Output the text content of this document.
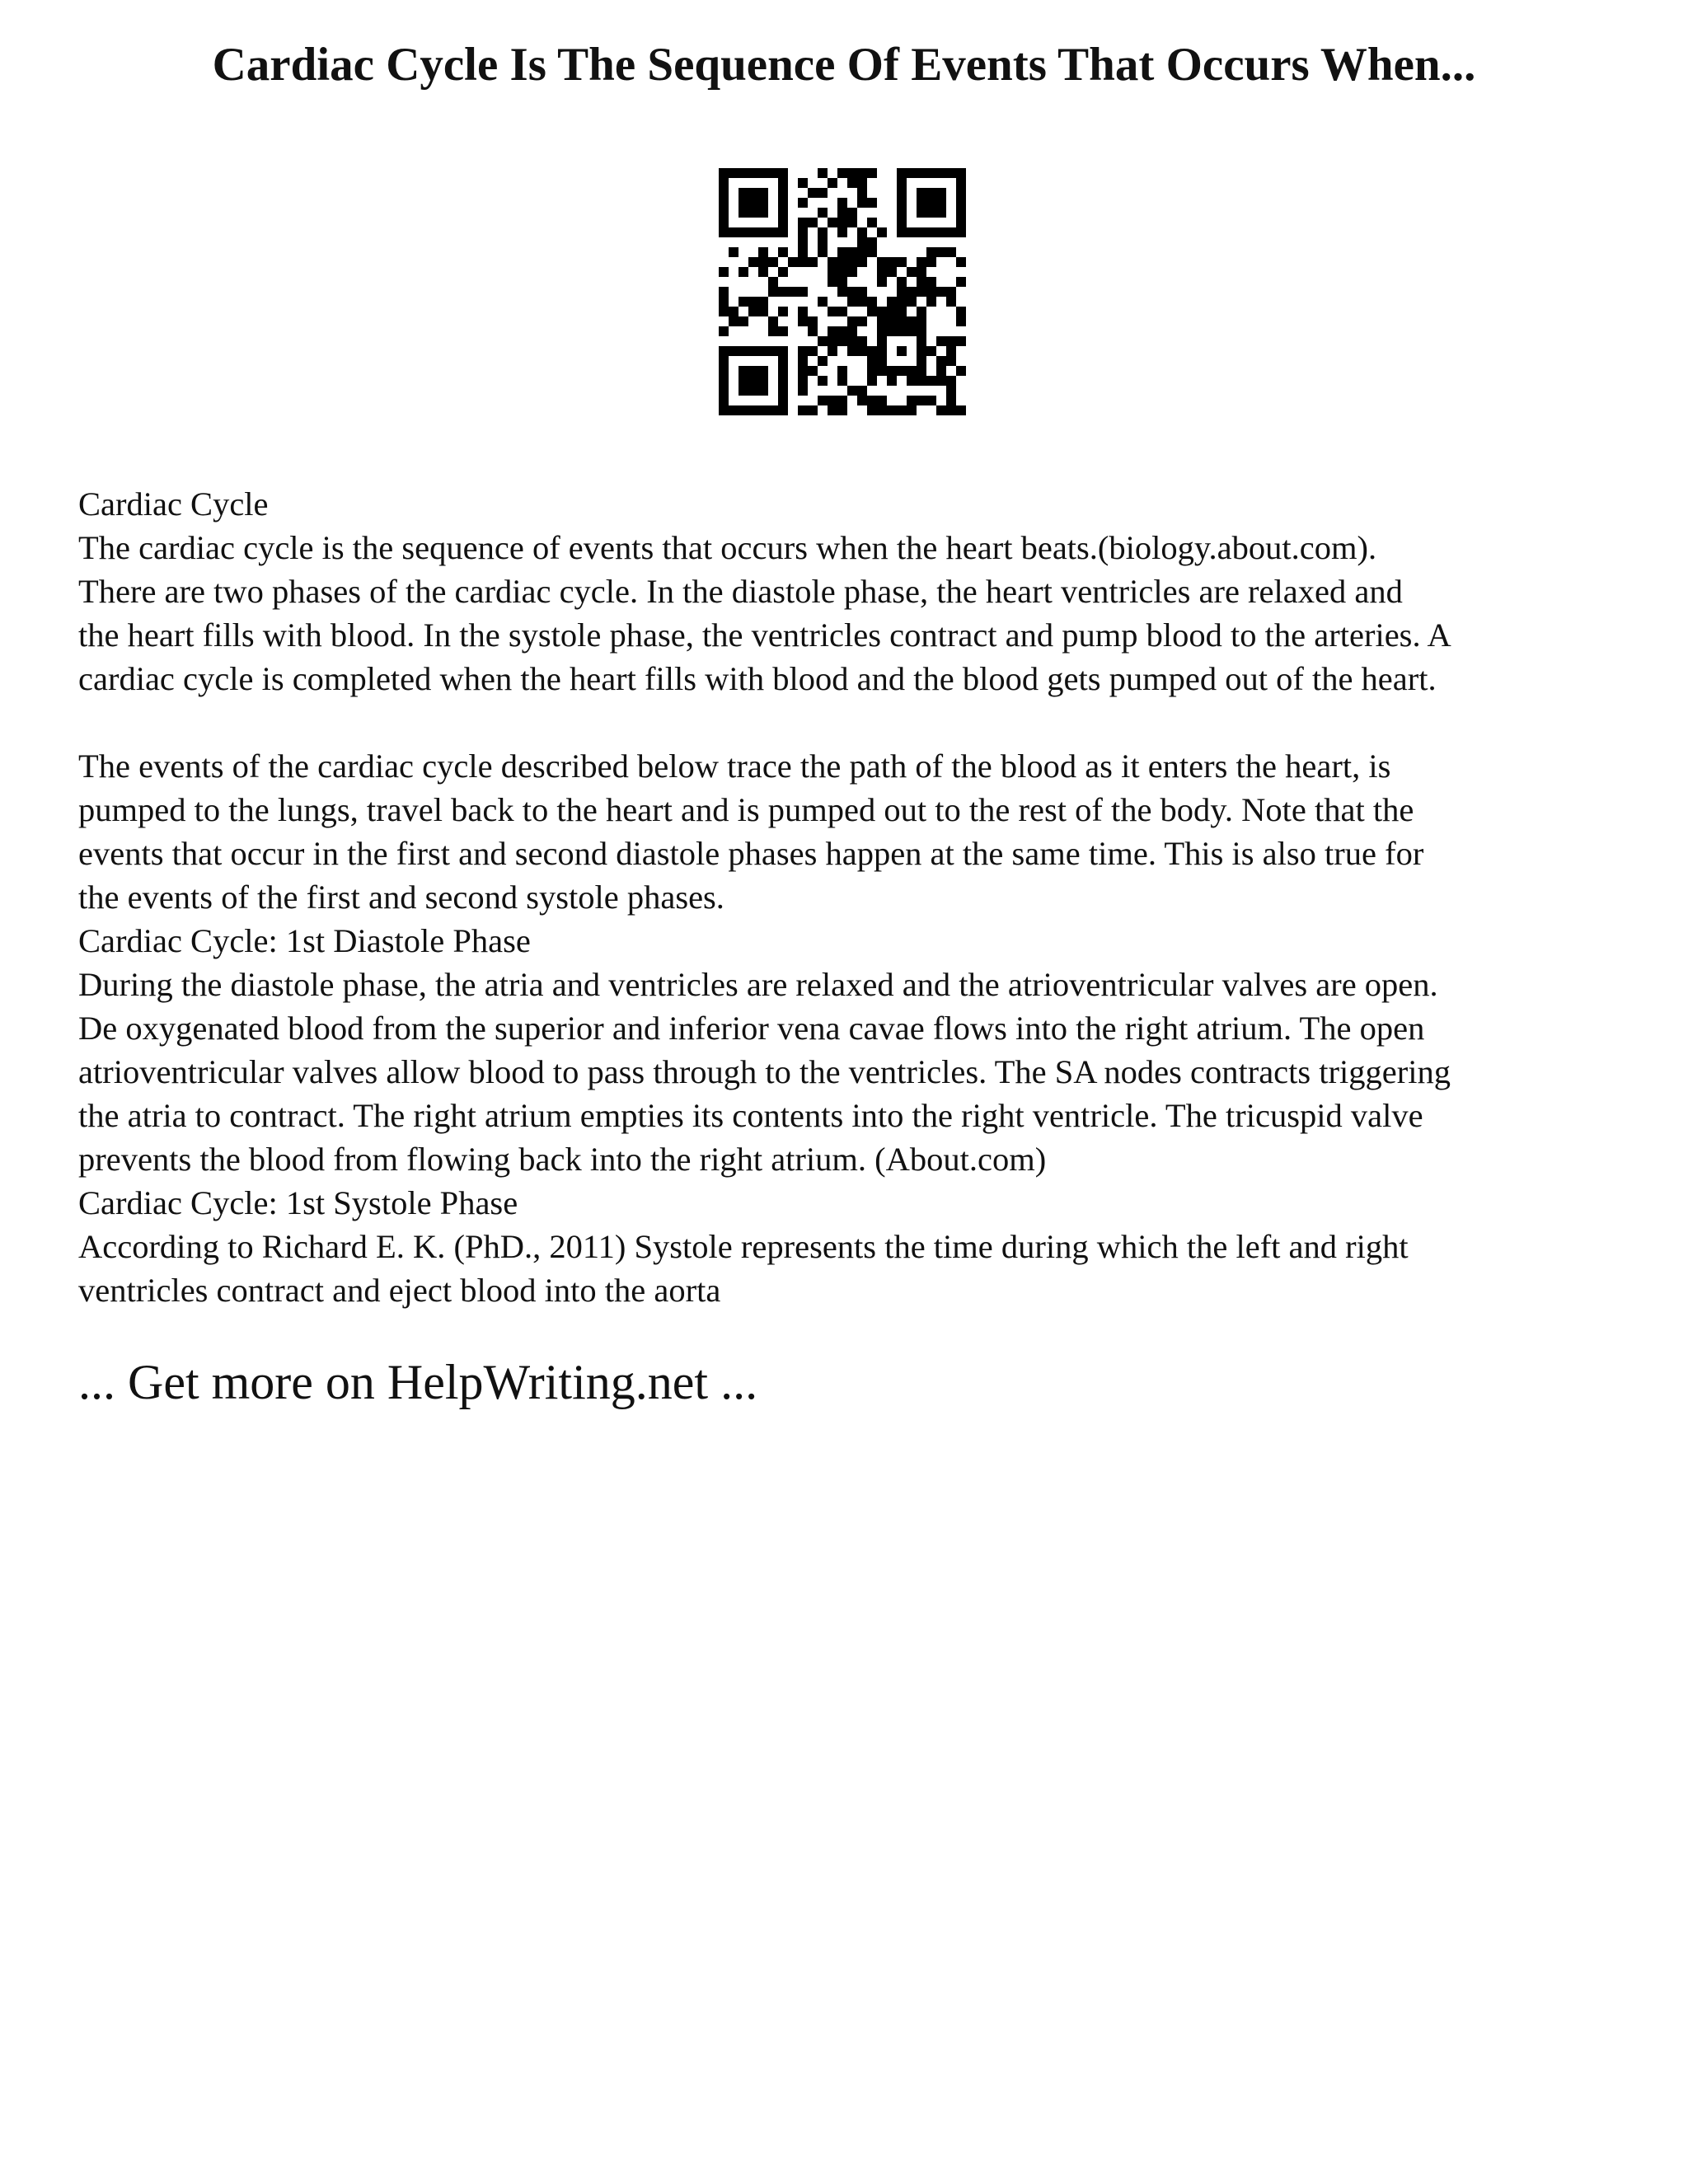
Cardiac Cycle Is The Sequence Of Events That Occurs When...
Cardiac Cycle
The cardiac cycle is the sequence of events that occurs when the heart beats.(biology.about.com).
There are two phases of the cardiac cycle. In the diastole phase, the heart ventricles are relaxed and
the heart fills with blood. In the systole phase, the ventricles contract and pump blood to the arteries. A
cardiac cycle is completed when the heart fills with blood and the blood gets pumped out of the heart.
The events of the cardiac cycle described below trace the path of the blood as it enters the heart, is
pumped to the lungs, travel back to the heart and is pumped out to the rest of the body. Note that the
events that occur in the first and second diastole phases happen at the same time. This is also true for
the events of the first and second systole phases.
Cardiac Cycle: 1st Diastole Phase
During the diastole phase, the atria and ventricles are relaxed and the atrioventricular valves are open.
De oxygenated blood from the superior and inferior vena cavae flows into the right atrium. The open
atrioventricular valves allow blood to pass through to the ventricles. The SA nodes contracts triggering
the atria to contract. The right atrium empties its contents into the right ventricle. The tricuspid valve
prevents the blood from flowing back into the right atrium. (About.com)
Cardiac Cycle: 1st Systole Phase
According to Richard E. K. (PhD., 2011) Systole represents the time during which the left and right
ventricles contract and eject blood into the aorta
... Get more on HelpWriting.net ...
